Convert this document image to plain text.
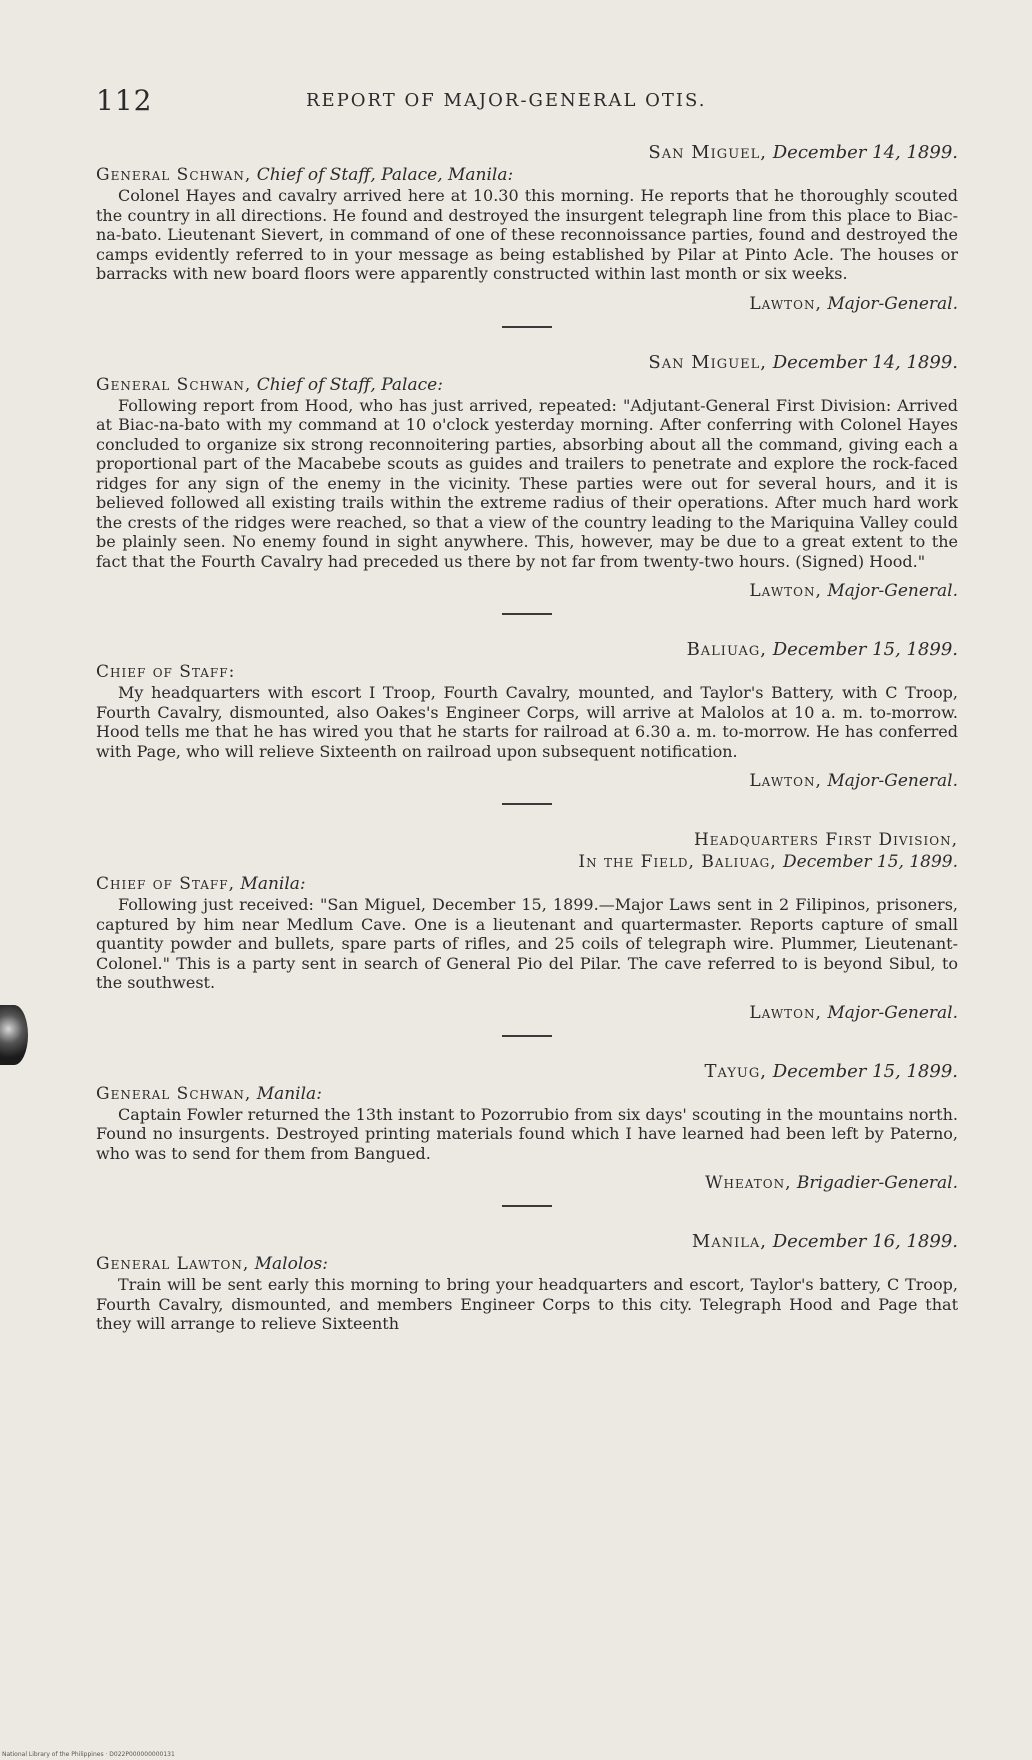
112	REPORT OF MAJOR-GENERAL OTIS.
San Miguel, December 14, 1899.
General Schwan, Chief of Staff, Palace, Manila:

Colonel Hayes and cavalry arrived here at 10.30 this morning. He reports that he thoroughly scouted the country in all directions. He found and destroyed the insurgent telegraph line from this place to Biac-na-bato. Lieutenant Sievert, in command of one of these reconnoissance parties, found and destroyed the camps evidently referred to in your message as being established by Pilar at Pinto Acle. The houses or barracks with new board floors were apparently constructed within last month or six weeks.

Lawton, Major-General.
San Miguel, December 14, 1899.
General Schwan, Chief of Staff, Palace:

Following report from Hood, who has just arrived, repeated: "Adjutant-General First Division: Arrived at Biac-na-bato with my command at 10 o'clock yesterday morning. After conferring with Colonel Hayes concluded to organize six strong reconnoitering parties, absorbing about all the command, giving each a proportional part of the Macabebe scouts as guides and trailers to penetrate and explore the rock-faced ridges for any sign of the enemy in the vicinity. These parties were out for several hours, and it is believed followed all existing trails within the extreme radius of their operations. After much hard work the crests of the ridges were reached, so that a view of the country leading to the Mariquina Valley could be plainly seen. No enemy found in sight anywhere. This, however, may be due to a great extent to the fact that the Fourth Cavalry had preceded us there by not far from twenty-two hours. (Signed) Hood."

Lawton, Major-General.
Baliuag, December 15, 1899.
Chief of Staff:

My headquarters with escort I Troop, Fourth Cavalry, mounted, and Taylor's Battery, with C Troop, Fourth Cavalry, dismounted, also Oakes's Engineer Corps, will arrive at Malolos at 10 a. m. to-morrow. Hood tells me that he has wired you that he starts for railroad at 6.30 a. m. to-morrow. He has conferred with Page, who will relieve Sixteenth on railroad upon subsequent notification.

Lawton, Major-General.
Headquarters First Division,
In the Field, Baliuag, December 15, 1899.
Chief of Staff, Manila:

Following just received: "San Miguel, December 15, 1899.—Major Laws sent in 2 Filipinos, prisoners, captured by him near Medlum Cave. One is a lieutenant and quartermaster. Reports capture of small quantity powder and bullets, spare parts of rifles, and 25 coils of telegraph wire. Plummer, Lieutenant-Colonel." This is a party sent in search of General Pio del Pilar. The cave referred to is beyond Sibul, to the southwest.

Lawton, Major-General.
Tayug, December 15, 1899.
General Schwan, Manila:

Captain Fowler returned the 13th instant to Pozorrubio from six days' scouting in the mountains north. Found no insurgents. Destroyed printing materials found which I have learned had been left by Paterno, who was to send for them from Bangued.

Wheaton, Brigadier-General.
Manila, December 16, 1899.
General Lawton, Malolos:

Train will be sent early this morning to bring your headquarters and escort, Taylor's battery, C Troop, Fourth Cavalry, dismounted, and members Engineer Corps to this city. Telegraph Hood and Page that they will arrange to relieve Sixteenth

National Library of the Philippines · D022P000000000131
